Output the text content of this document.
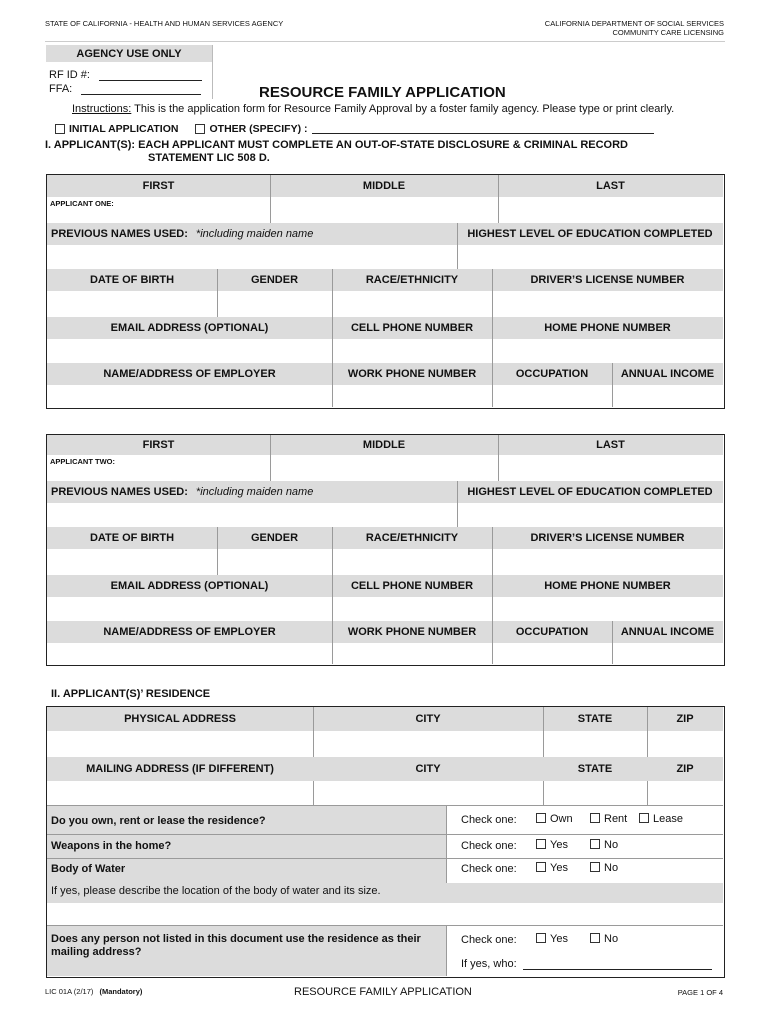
STATE OF CALIFORNIA - HEALTH AND HUMAN SERVICES AGENCY	CALIFORNIA DEPARTMENT OF SOCIAL SERVICES
COMMUNITY CARE LICENSING
AGENCY USE ONLY
RF ID #:
FFA:	RESOURCE FAMILY APPLICATION
Instructions: This is the application form for Resource Family Approval by a foster family agency. Please type or print clearly.
INITIAL APPLICATION	OTHER (SPECIFY) :
I. APPLICANT(S): EACH APPLICANT MUST COMPLETE AN OUT-OF-STATE DISCLOSURE & CRIMINAL RECORD
STATEMENT LIC 508 D.
FIRST	MIDDLE	LAST
APPLICANT ONE:
PREVIOUS NAMES USED: *including maiden name	HIGHEST LEVEL OF EDUCATION COMPLETED
DATE OF BIRTH	GENDER	RACE/ETHNICITY	DRIVER’S LICENSE NUMBER
EMAIL ADDRESS (OPTIONAL)	CELL PHONE NUMBER	HOME PHONE NUMBER
NAME/ADDRESS OF EMPLOYER	WORK PHONE NUMBER	OCCUPATION	ANNUAL INCOME
FIRST	MIDDLE	LAST
APPLICANT TWO:
PREVIOUS NAMES USED: *including maiden name	HIGHEST LEVEL OF EDUCATION COMPLETED
DATE OF BIRTH	GENDER	RACE/ETHNICITY	DRIVER’S LICENSE NUMBER
EMAIL ADDRESS (OPTIONAL)	CELL PHONE NUMBER	HOME PHONE NUMBER
NAME/ADDRESS OF EMPLOYER	WORK PHONE NUMBER	OCCUPATION	ANNUAL INCOME
II. APPLICANT(S)’ RESIDENCE
PHYSICAL ADDRESS	CITY	STATE	ZIP
MAILING ADDRESS (IF DIFFERENT)	CITY	STATE	ZIP
Do you own, rent or lease the residence?	Check one:	Own	Rent	Lease
Weapons in the home?	Check one:	Yes	No
Body of Water	Check one:	Yes	No
If yes, please describe the location of the body of water and its size.
Does any person not listed in this document use the residence as their mailing address?
Check one:	Yes	No
If yes, who:
LIC 01A (2/17) (Mandatory)	RESOURCE FAMILY APPLICATION	PAGE 1 OF 4
